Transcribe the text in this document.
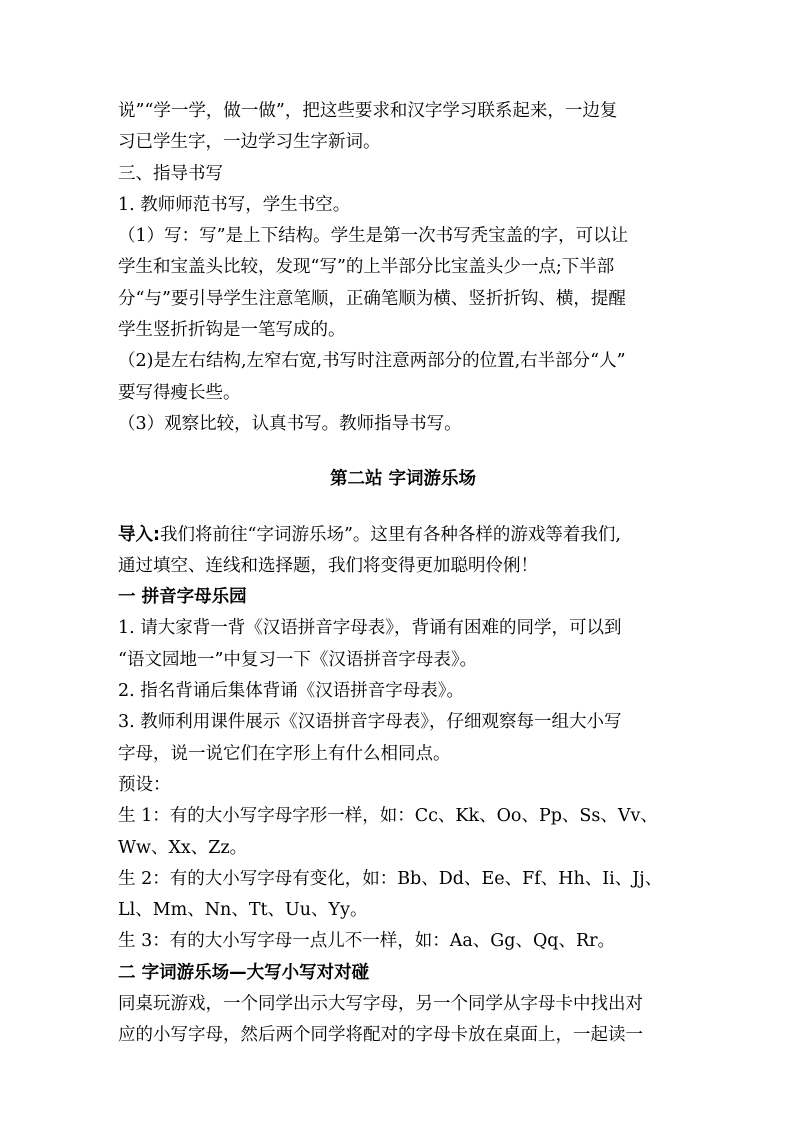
说”“学一学，做一做”，把这些要求和汉字学习联系起来，一边复
习已学生字，一边学习生字新词。
三、指导书写
1. 教师师范书写，学生书空。
（1）写：写”是上下结构。学生是第一次书写秃宝盖的字，可以让
学生和宝盖头比较，发现“写”的上半部分比宝盖头少一点;下半部
分“与”要引导学生注意笔顺，正确笔顺为横、竖折折钩、横，提醒
学生竖折折钩是一笔写成的。
（2)是左右结构,左窄右宽,书写时注意两部分的位置,右半部分“人”
要写得瘦长些。
（3）观察比较，认真书写。教师指导书写。
第二站 字词游乐场
导入:我们将前往“字词游乐场”。这里有各种各样的游戏等着我们,
通过填空、连线和选择题，我们将变得更加聪明伶俐！
一 拼音字母乐园
1. 请大家背一背《汉语拼音字母表》，背诵有困难的同学，可以到
“语文园地一”中复习一下《汉语拼音字母表》。
2. 指名背诵后集体背诵《汉语拼音字母表》。
3. 教师利用课件展示《汉语拼音字母表》，仔细观察每一组大小写
字母，说一说它们在字形上有什么相同点。
预设：
生 1：有的大小写字母字形一样，如：Cc、Kk、Oo、Pp、Ss、Vv、
Ww、Xx、Zz。
生 2：有的大小写字母有变化，如：Bb、Dd、Ee、Ff、Hh、Ii、Jj、
Ll、Mm、Nn、Tt、Uu、Yy。
生 3：有的大小写字母一点儿不一样，如：Aa、Gg、Qq、Rr。
二 字词游乐场—大写小写对对碰
同桌玩游戏，一个同学出示大写字母，另一个同学从字母卡中找出对
应的小写字母，然后两个同学将配对的字母卡放在桌面上，一起读一
